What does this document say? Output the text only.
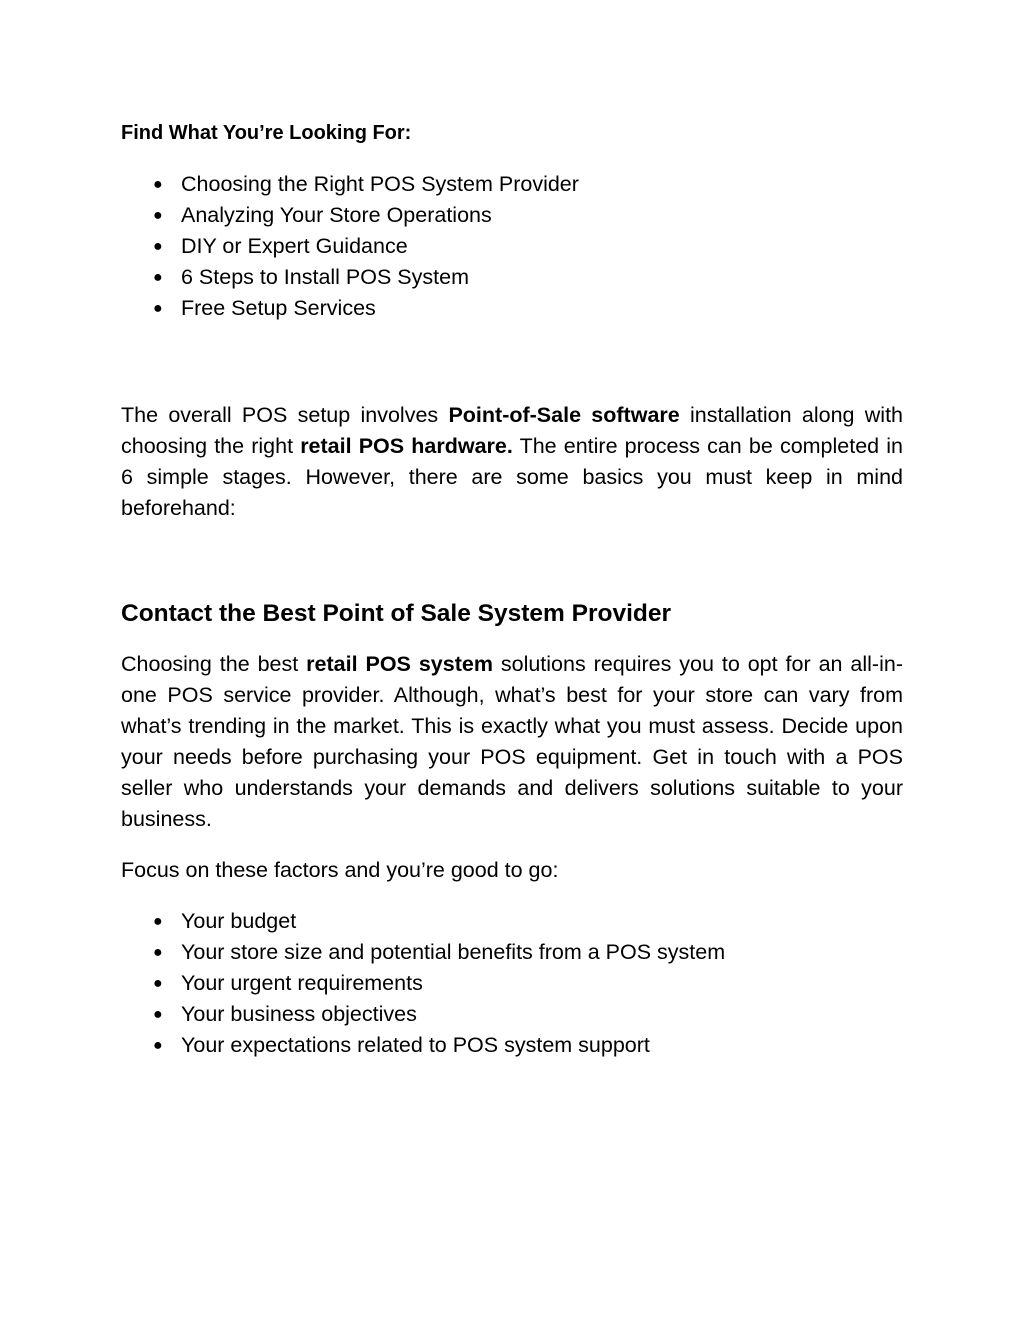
Find What You’re Looking For:
● Choosing the Right POS System Provider
● Analyzing Your Store Operations
● DIY or Expert Guidance
● 6 Steps to Install POS System
● Free Setup Services

The overall POS setup involves Point-of-Sale software installation along with choosing the right retail POS hardware. The entire process can be completed in 6 simple stages. However, there are some basics you must keep in mind beforehand:

Contact the Best Point of Sale System Provider

Choosing the best retail POS system solutions requires you to opt for an all-in-one POS service provider. Although, what’s best for your store can vary from what’s trending in the market. This is exactly what you must assess. Decide upon your needs before purchasing your POS equipment. Get in touch with a POS seller who understands your demands and delivers solutions suitable to your business.

Focus on these factors and you’re good to go:

● Your budget
● Your store size and potential benefits from a POS system
● Your urgent requirements
● Your business objectives
● Your expectations related to POS system support
